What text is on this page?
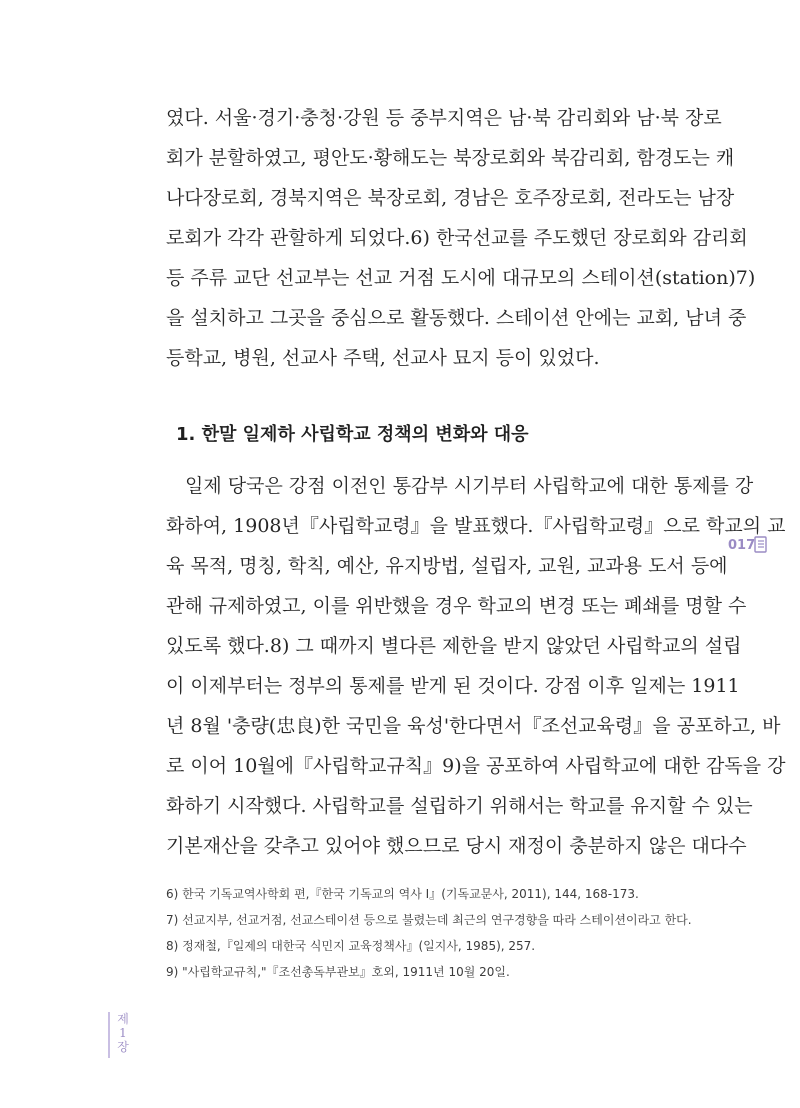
였다. 서울·경기·충청·강원 등 중부지역은 남·북 감리회와 남·북 장로
회가 분할하였고, 평안도·황해도는 북장로회와 북감리회, 함경도는 캐
나다장로회, 경북지역은 북장로회, 경남은 호주장로회, 전라도는 남장
로회가 각각 관할하게 되었다.6) 한국선교를 주도했던 장로회와 감리회
등 주류 교단 선교부는 선교 거점 도시에 대규모의 스테이션(station)7)
을 설치하고 그곳을 중심으로 활동했다. 스테이션 안에는 교회, 남녀 중
등학교, 병원, 선교사 주택, 선교사 묘지 등이 있었다.
1. 한말 일제하 사립학교 정책의 변화와 대응
　일제 당국은 강점 이전인 통감부 시기부터 사립학교에 대한 통제를 강
화하여, 1908년『사립학교령』을 발표했다.『사립학교령』으로 학교의 교
육 목적, 명칭, 학칙, 예산, 유지방법, 설립자, 교원, 교과용 도서 등에
관해 규제하였고, 이를 위반했을 경우 학교의 변경 또는 폐쇄를 명할 수
있도록 했다.8) 그 때까지 별다른 제한을 받지 않았던 사립학교의 설립
이 이제부터는 정부의 통제를 받게 된 것이다. 강점 이후 일제는 1911
년 8월 '충량(忠良)한 국민을 육성'한다면서『조선교육령』을 공포하고, 바
로 이어 10월에『사립학교규칙』9)을 공포하여 사립학교에 대한 감독을 강
화하기 시작했다. 사립학교를 설립하기 위해서는 학교를 유지할 수 있는
기본재산을 갖추고 있어야 했으므로 당시 재정이 충분하지 않은 대다수
6) 한국 기독교역사학회 편,『한국 기독교의 역사 I』(기독교문사, 2011), 144, 168-173.
7) 선교지부, 선교거점, 선교스테이션 등으로 불렸는데 최근의 연구경향을 따라 스테이션이라고 한다.
8) 정재철,『일제의 대한국 식민지 교육정책사』(일지사, 1985), 257.
9) "사립학교규칙,"『조선총독부관보』호외, 1911년 10월 20일.
017
제1장
